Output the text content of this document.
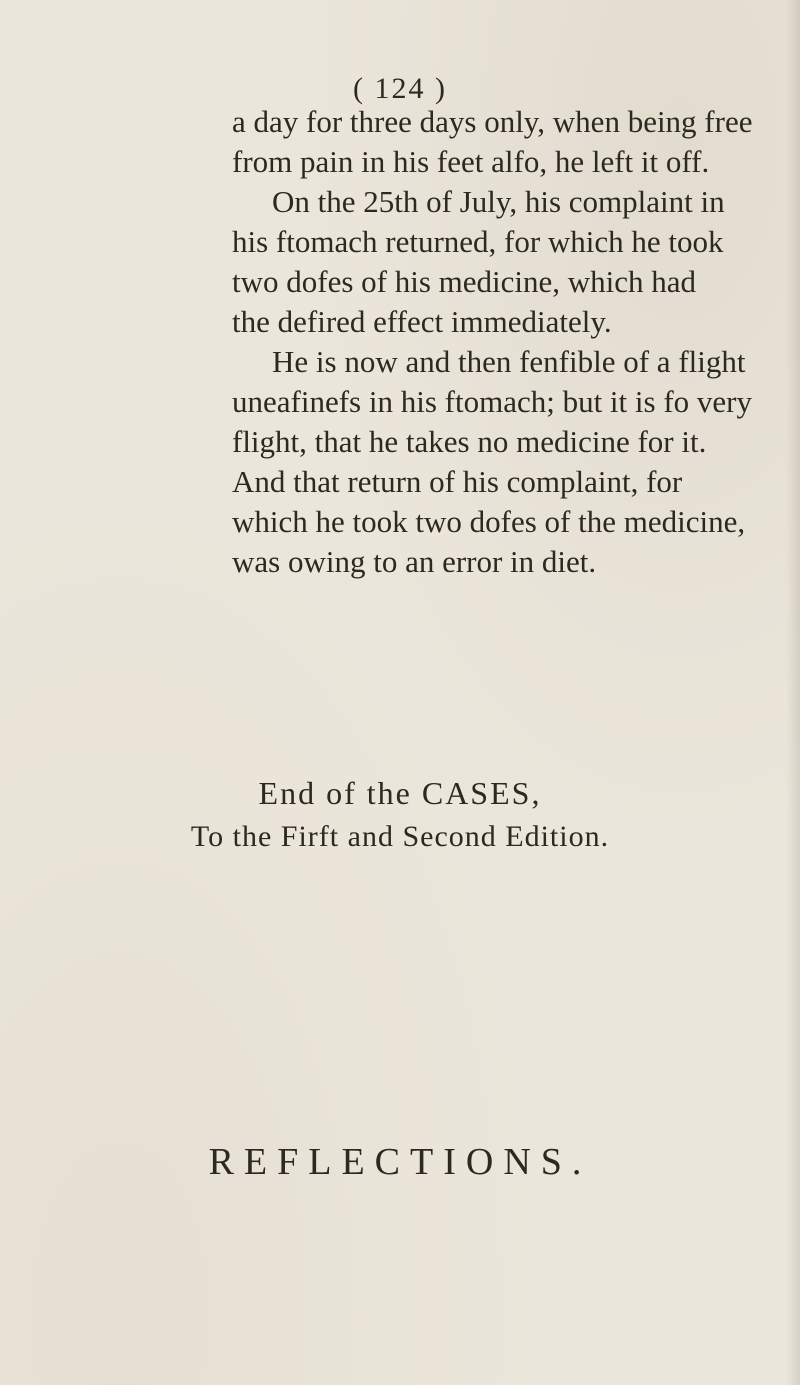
( 124 )
a day for three days only, when being free
from pain in his feet alfo, he left it off.
On the 25th of July, his complaint in
his ftomach returned, for which he took
two dofes of his medicine, which had
the defired effect immediately.
He is now and then fenfible of a flight
uneafinefs in his ftomach; but it is fo very
flight, that he takes no medicine for it.
And that return of his complaint, for
which he took two dofes of the medicine,
was owing to an error in diet.
End of the CASES,
To the Firft and Second Edition.
REFLECTIONS.
